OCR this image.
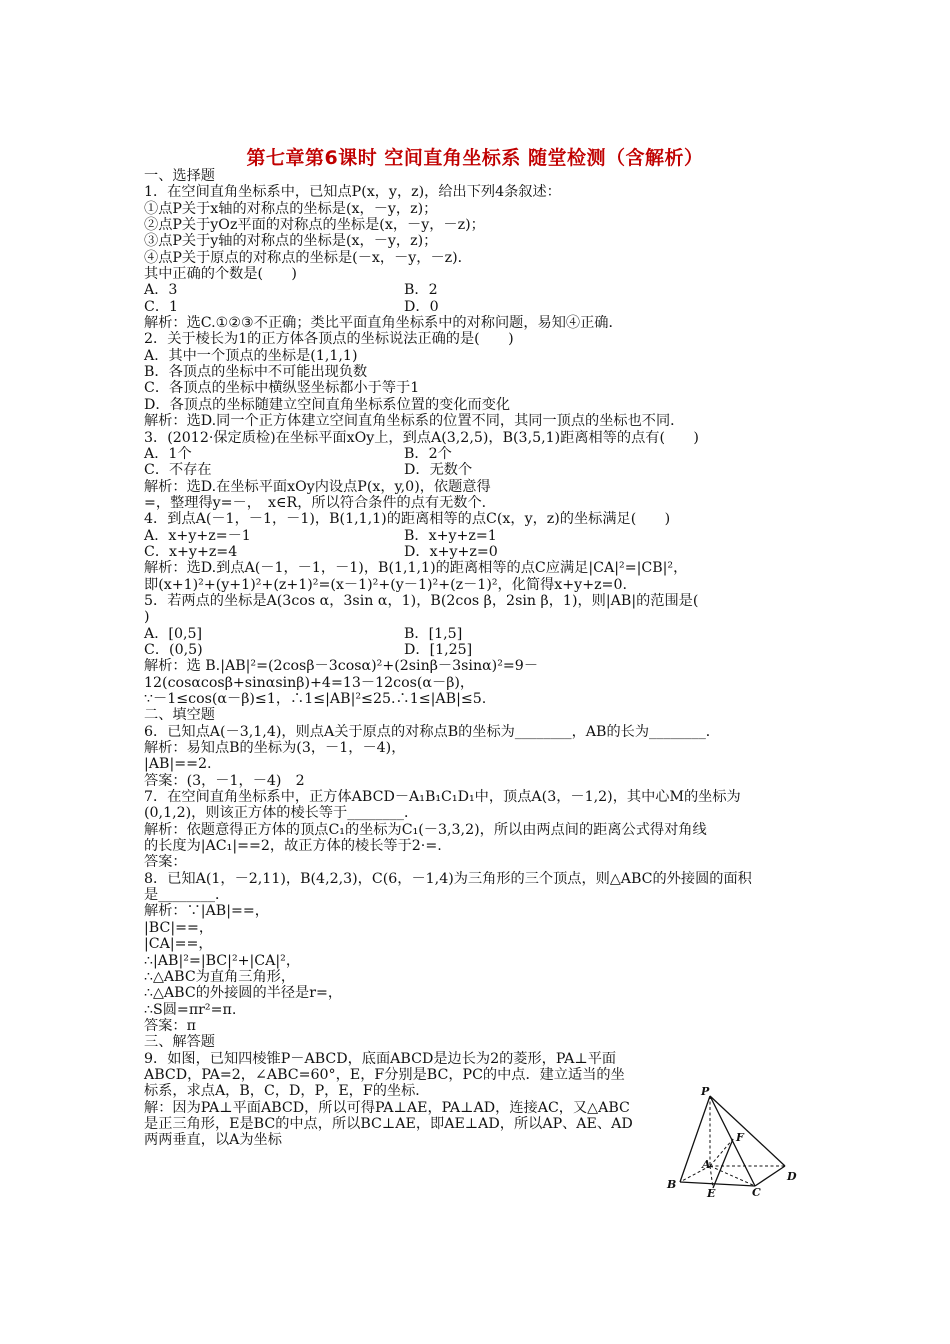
第七章第6课时 空间直角坐标系 随堂检测（含解析）
一、选择题
1．在空间直角坐标系中，已知点P(x，y，z)，给出下列4条叙述：
①点P关于x轴的对称点的坐标是(x，－y，z)；
②点P关于yOz平面的对称点的坐标是(x，－y，－z)；
③点P关于y轴的对称点的坐标是(x，－y，z)；
④点P关于原点的对称点的坐标是(－x，－y，－z)．
其中正确的个数是(　　)
A．3	B．2
C．1	D．0
解析：选C.①②③不正确；类比平面直角坐标系中的对称问题，易知④正确．
2．关于棱长为1的正方体各顶点的坐标说法正确的是(　　)
A．其中一个顶点的坐标是(1,1,1)
B．各顶点的坐标中不可能出现负数
C．各顶点的坐标中横纵竖坐标都小于等于1
D．各顶点的坐标随建立空间直角坐标系位置的变化而变化
解析：选D.同一个正方体建立空间直角坐标系的位置不同，其同一顶点的坐标也不同．
3．(2012·保定质检)在坐标平面xOy上，到点A(3,2,5)，B(3,5,1)距离相等的点有(　　)
A．1个	B．2个
C．不存在	D．无数个
解析：选D.在坐标平面xOy内设点P(x，y,0)，依题意得
=，整理得y=－，　x∈R，所以符合条件的点有无数个．
4．到点A(－1，－1，－1)，B(1,1,1)的距离相等的点C(x，y，z)的坐标满足(　　)
A．x+y+z=－1	B．x+y+z=1
C．x+y+z=4	D．x+y+z=0
解析：选D.到点A(－1，－1，－1)，B(1,1,1)的距离相等的点C应满足|CA|²=|CB|²，
即(x+1)²+(y+1)²+(z+1)²=(x－1)²+(y－1)²+(z－1)²，化简得x+y+z=0.
5．若两点的坐标是A(3cos α，3sin α，1)，B(2cos β，2sin β，1)，则|AB|的范围是(
)
A．[0,5]	B．[1,5]
C．(0,5)	D．[1,25]
解析：选 B.|AB|²=(2cosβ－3cosα)²+(2sinβ－3sinα)²=9－
12(cosαcosβ+sinαsinβ)+4=13－12cos(α－β)，
∵－1≤cos(α－β)≤1，∴1≤|AB|²≤25.∴1≤|AB|≤5.
二、填空题
6．已知点A(－3,1,4)，则点A关于原点的对称点B的坐标为________，AB的长为________．
解析：易知点B的坐标为(3，－1，－4)，
|AB|==2.
答案：(3，－1，－4)　2
7．在空间直角坐标系中，正方体ABCD－A₁B₁C₁D₁中，顶点A(3，－1,2)，其中心M的坐标为
(0,1,2)，则该正方体的棱长等于________．
解析：依题意得正方体的顶点C₁的坐标为C₁(－3,3,2)，所以由两点间的距离公式得对角线
的长度为|AC₁|==2，故正方体的棱长等于2·=.
答案：
8．已知A(1，－2,11)，B(4,2,3)，C(6，－1,4)为三角形的三个顶点，则△ABC的外接圆的面积
是________．
解析：∵|AB|==，
|BC|==，
|CA|==，
∴|AB|²=|BC|²+|CA|²，
∴△ABC为直角三角形，
∴△ABC的外接圆的半径是r=，
∴S圆=πr²=π.
答案：π
三、解答题
9．如图，已知四棱锥P－ABCD，底面ABCD是边长为2的菱形，PA⊥平面
ABCD，PA=2，∠ABC=60°，E，F分别是BC，PC的中点．建立适当的坐
标系，求点A，B，C，D，P，E，F的坐标．
解：因为PA⊥平面ABCD，所以可得PA⊥AE，PA⊥AD，连接AC，又△ABC
是正三角形，E是BC的中点，所以BC⊥AE，即AE⊥AD，所以AP、AE、AD
两两垂直，以A为坐标
P
A
B
E	C
D
F
